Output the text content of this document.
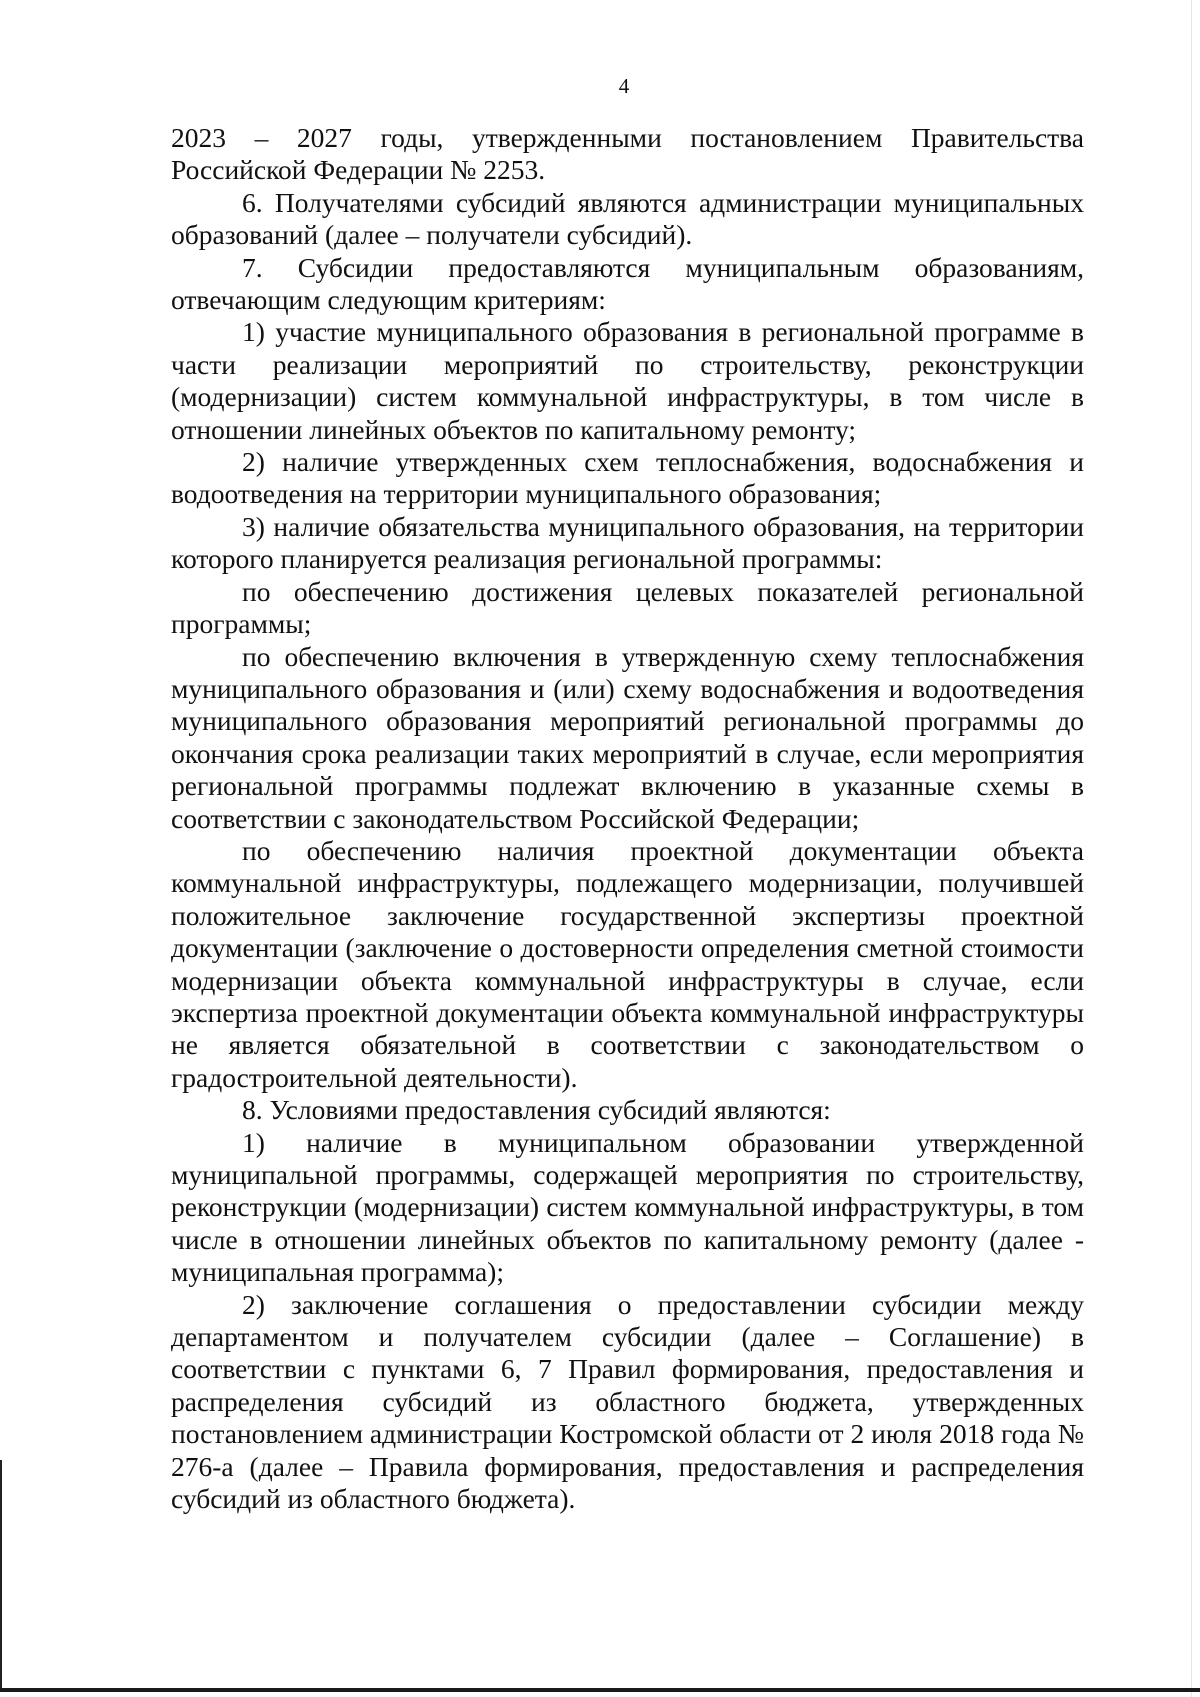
4

2023 – 2027 годы, утвержденными постановлением Правительства Российской Федерации № 2253.

6. Получателями субсидий являются администрации муниципальных образований (далее – получатели субсидий).

7. Субсидии предоставляются муниципальным образованиям, отвечающим следующим критериям:

1) участие муниципального образования в региональной программе в части реализации мероприятий по строительству, реконструкции (модернизации) систем коммунальной инфраструктуры, в том числе в отношении линейных объектов по капитальному ремонту;

2) наличие утвержденных схем теплоснабжения, водоснабжения и водоотведения на территории муниципального образования;

3) наличие обязательства муниципального образования, на территории которого планируется реализация региональной программы:

по обеспечению достижения целевых показателей региональной программы;

по обеспечению включения в утвержденную схему теплоснабжения муниципального образования и (или) схему водоснабжения и водоотведения муниципального образования мероприятий региональной программы до окончания срока реализации таких мероприятий в случае, если мероприятия региональной программы подлежат включению в указанные схемы в соответствии с законодательством Российской Федерации;

по обеспечению наличия проектной документации объекта коммунальной инфраструктуры, подлежащего модернизации, получившей положительное заключение государственной экспертизы проектной документации (заключение о достоверности определения сметной стоимости модернизации объекта коммунальной инфраструктуры в случае, если экспертиза проектной документации объекта коммунальной инфраструктуры не является обязательной в соответствии с законодательством о градостроительной деятельности).

8. Условиями предоставления субсидий являются:

1) наличие в муниципальном образовании утвержденной муниципальной программы, содержащей мероприятия по строительству, реконструкции (модернизации) систем коммунальной инфраструктуры, в том числе в отношении линейных объектов по капитальному ремонту (далее - муниципальная программа);

2) заключение соглашения о предоставлении субсидии между департаментом и получателем субсидии (далее – Соглашение) в соответствии с пунктами 6, 7 Правил формирования, предоставления и распределения субсидий из областного бюджета, утвержденных постановлением администрации Костромской области от 2 июля 2018 года № 276-а (далее – Правила формирования, предоставления и распределения субсидий из областного бюджета).
